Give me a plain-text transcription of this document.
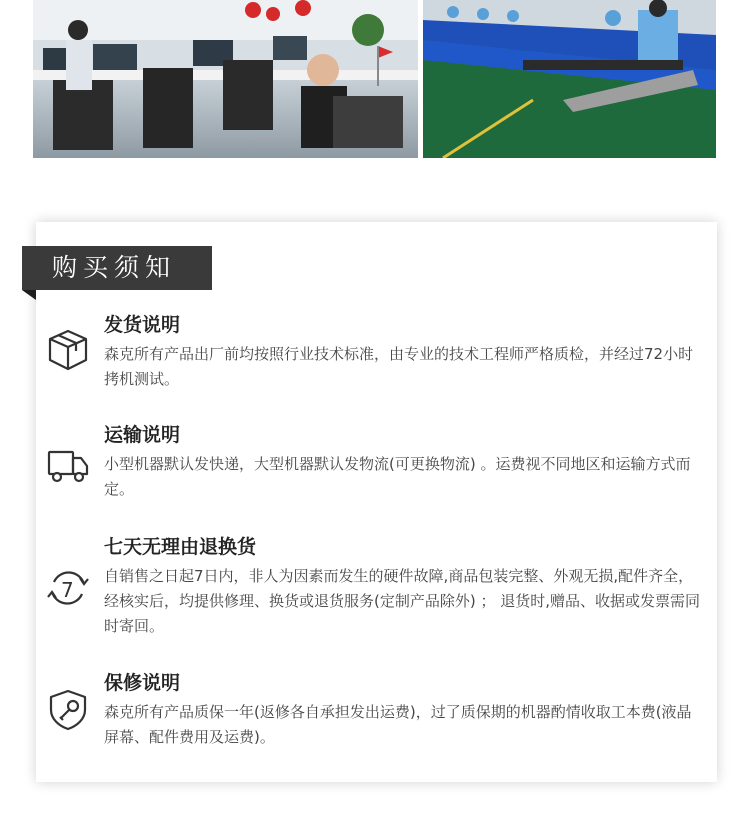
购买须知
发货说明
森克所有产品出厂前均按照行业技术标准，由专业的技术工程师严格质检，并经过72小时拷机测试。
运输说明
小型机器默认发快递，大型机器默认发物流(可更换物流) 。运费视不同地区和运输方式而定。
7
七天无理由退换货
自销售之日起7日内，非人为因素而发生的硬件故障,商品包装完整、外观无损,配件齐全，经核实后，均提供修理、换货或退货服务(定制产品除外) ； 退货时,赠品、收据或发票需同时寄回。
保修说明
森克所有产品质保一年(返修各自承担发出运费)，过了质保期的机器酌情收取工本费(液晶屏幕、配件费用及运费)。
